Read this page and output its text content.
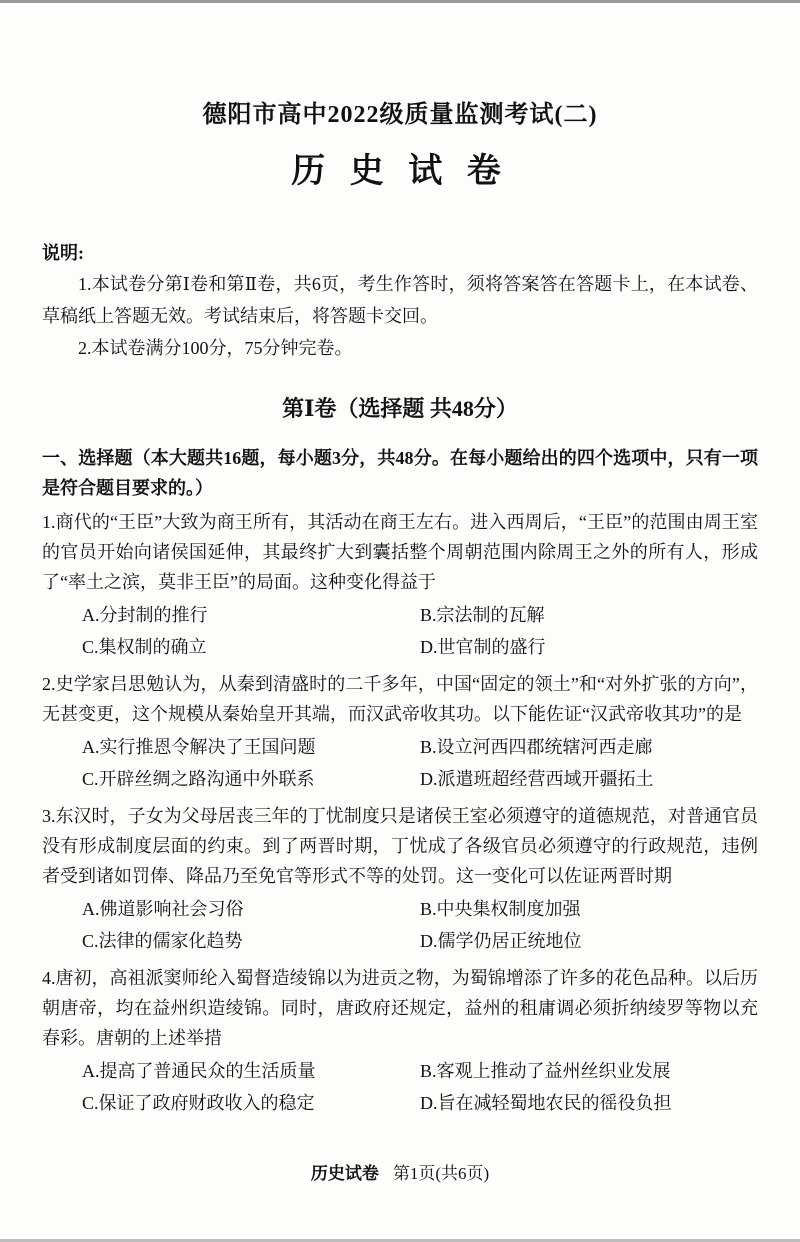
德阳市高中2022级质量监测考试(二)
历 史 试 卷
说明:

1.本试卷分第Ⅰ卷和第Ⅱ卷，共6页，考生作答时，须将答案答在答题卡上，在本试卷、草稿纸上答题无效。考试结束后，将答题卡交回。

2.本试卷满分100分，75分钟完卷。

第Ⅰ卷（选择题 共48分）

一、选择题（本大题共16题，每小题3分，共48分。在每小题给出的四个选项中，只有一项是符合题目要求的。）

1.商代的“王臣”大致为商王所有，其活动在商王左右。进入西周后，“王臣”的范围由周王室的官员开始向诸侯国延伸，其最终扩大到囊括整个周朝范围内除周王之外的所有人，形成了“率土之滨，莫非王臣”的局面。这种变化得益于

A.分封制的推行	B.宗法制的瓦解
C.集权制的确立	D.世官制的盛行

2.史学家吕思勉认为，从秦到清盛时的二千多年，中国“固定的领土”和“对外扩张的方向”，无甚变更，这个规模从秦始皇开其端，而汉武帝收其功。以下能佐证“汉武帝收其功”的是

A.实行推恩令解决了王国问题	B.设立河西四郡统辖河西走廊
C.开辟丝绸之路沟通中外联系	D.派遣班超经营西域开疆拓土

3.东汉时，子女为父母居丧三年的丁忧制度只是诸侯王室必须遵守的道德规范，对普通官员没有形成制度层面的约束。到了两晋时期，丁忧成了各级官员必须遵守的行政规范，违例者受到诸如罚俸、降品乃至免官等形式不等的处罚。这一变化可以佐证两晋时期

A.佛道影响社会习俗	B.中央集权制度加强
C.法律的儒家化趋势	D.儒学仍居正统地位

4.唐初，高祖派窦师纶入蜀督造绫锦以为进贡之物，为蜀锦增添了许多的花色品种。以后历朝唐帝，均在益州织造绫锦。同时，唐政府还规定，益州的租庸调必须折纳绫罗等物以充春彩。唐朝的上述举措

A.提高了普通民众的生活质量	B.客观上推动了益州丝织业发展
C.保证了政府财政收入的稳定	D.旨在减轻蜀地农民的徭役负担
历史试卷 第1页(共6页)
